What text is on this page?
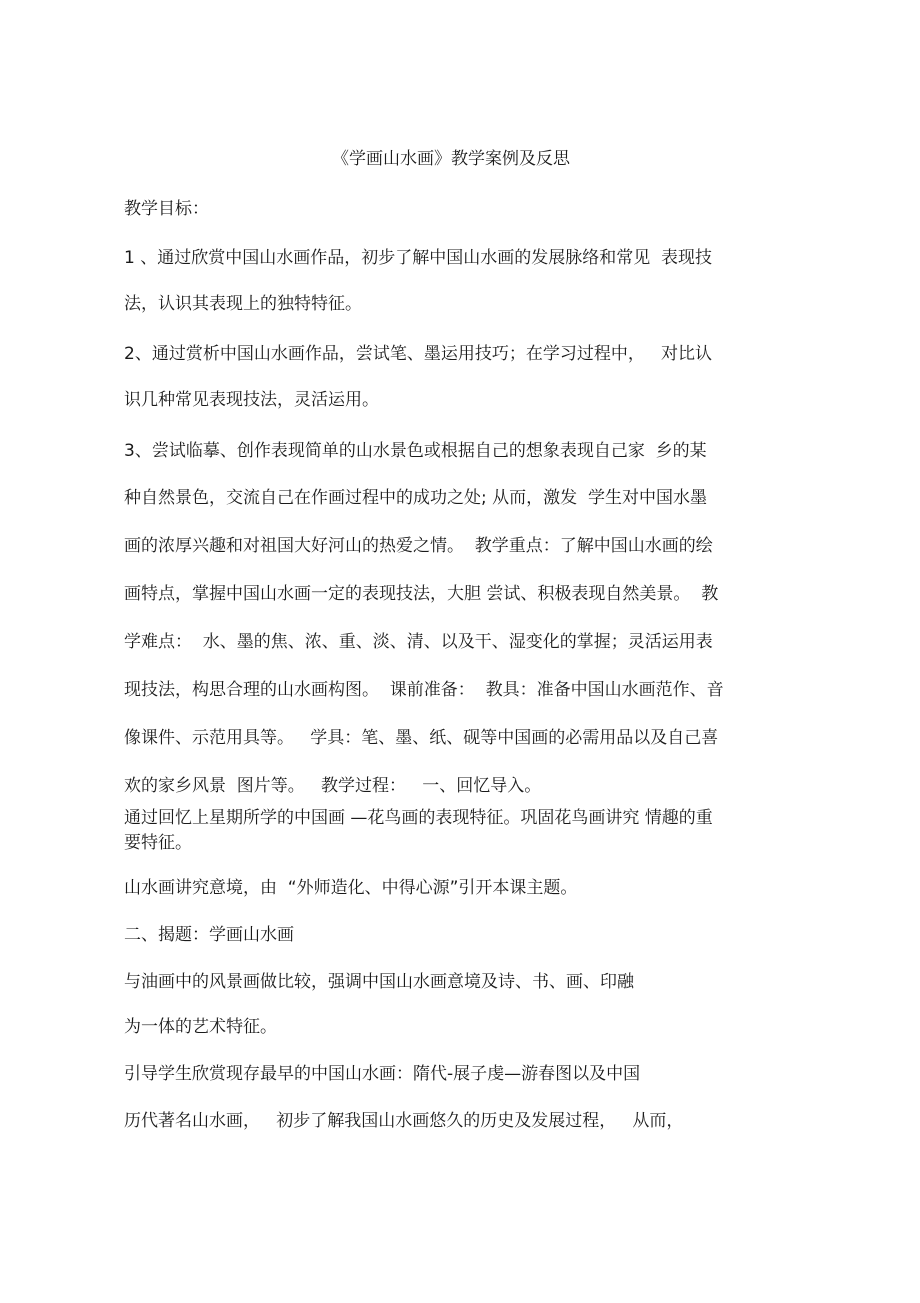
《学画山水画》教学案例及反思
教学目标：
1 、通过欣赏中国山水画作品，初步了解中国山水画的发展脉络和常见  表现技
法，认识其表现上的独特特征。
2、通过赏析中国山水画作品，尝试笔、墨运用技巧；在学习过程中，   对比认
识几种常见表现技法，灵活运用。
3、尝试临摹、创作表现简单的山水景色或根据自己的想象表现自己家  乡的某
种自然景色，交流自己在作画过程中的成功之处; 从而，激发  学生对中国水墨
画的浓厚兴趣和对祖国大好河山的热爱之情。  教学重点：了解中国山水画的绘
画特点，掌握中国山水画一定的表现技法，大胆 尝试、积极表现自然美景。  教
学难点：  水、墨的焦、浓、重、淡、清、以及干、湿变化的掌握；灵活运用表
现技法，构思合理的山水画构图。  课前准备：  教具：准备中国山水画范作、音
像课件、示范用具等。   学具：笔、墨、纸、砚等中国画的必需用品以及自己喜
欢的家乡风景  图片等。   教学过程：   一、回忆导入。
通过回忆上星期所学的中国画 —花鸟画的表现特征。巩固花鸟画讲究 情趣的重
要特征。
山水画讲究意境，由  “外师造化、中得心源”引开本课主题。
二、揭题：学画山水画
与油画中的风景画做比较，强调中国山水画意境及诗、书、画、印融
为一体的艺术特征。
引导学生欣赏现存最早的中国山水画：隋代-展子虔—游春图以及中国
历代著名山水画，   初步了解我国山水画悠久的历史及发展过程，   从而，
